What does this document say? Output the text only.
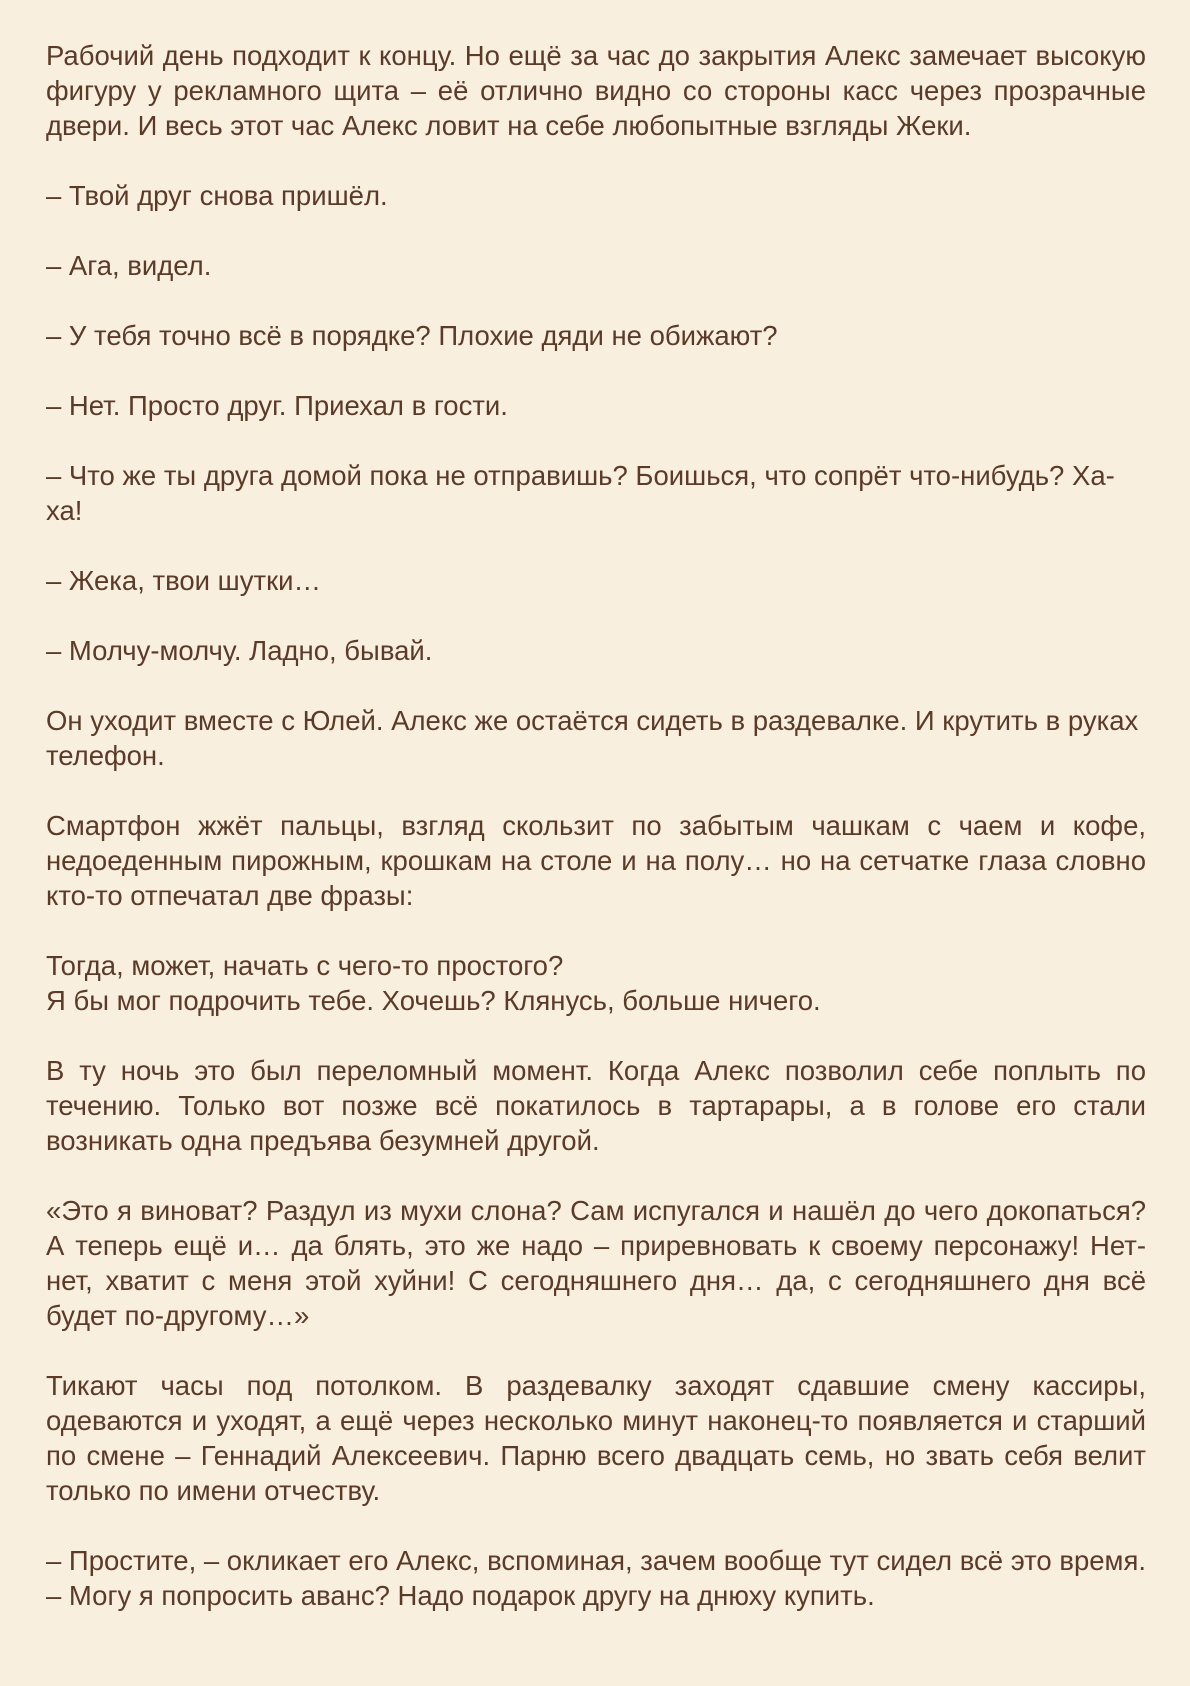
Рабочий день подходит к концу. Но ещё за час до закрытия Алекс замечает высокую фигуру у рекламного щита – её отлично видно со стороны касс через прозрачные двери. И весь этот час Алекс ловит на себе любопытные взгляды Жеки.

– Твой друг снова пришёл.

– Ага, видел.

– У тебя точно всё в порядке? Плохие дяди не обижают?

– Нет. Просто друг. Приехал в гости.

– Что же ты друга домой пока не отправишь? Боишься, что сопрёт что-нибудь? Ха-ха!

– Жека, твои шутки…

– Молчу-молчу. Ладно, бывай.

Он уходит вместе с Юлей. Алекс же остаётся сидеть в раздевалке. И крутить в руках телефон.

Смартфон жжёт пальцы, взгляд скользит по забытым чашкам с чаем и кофе, недоеденным пирожным, крошкам на столе и на полу… но на сетчатке глаза словно кто-то отпечатал две фразы:

Тогда, может, начать с чего-то простого?
Я бы мог подрочить тебе. Хочешь? Клянусь, больше ничего.

В ту ночь это был переломный момент. Когда Алекс позволил себе поплыть по течению. Только вот позже всё покатилось в тартарары, а в голове его стали возникать одна предъява безумней другой.

«Это я виноват? Раздул из мухи слона? Сам испугался и нашёл до чего докопаться? А теперь ещё и… да блять, это же надо – приревновать к своему персонажу! Нет-нет, хватит с меня этой хуйни! С сегодняшнего дня… да, с сегодняшнего дня всё будет по-другому…»

Тикают часы под потолком. В раздевалку заходят сдавшие смену кассиры, одеваются и уходят, а ещё через несколько минут наконец-то появляется и старший по смене – Геннадий Алексеевич. Парню всего двадцать семь, но звать себя велит только по имени отчеству.

– Простите, – окликает его Алекс, вспоминая, зачем вообще тут сидел всё это время. – Могу я попросить аванс? Надо подарок другу на днюху купить.
